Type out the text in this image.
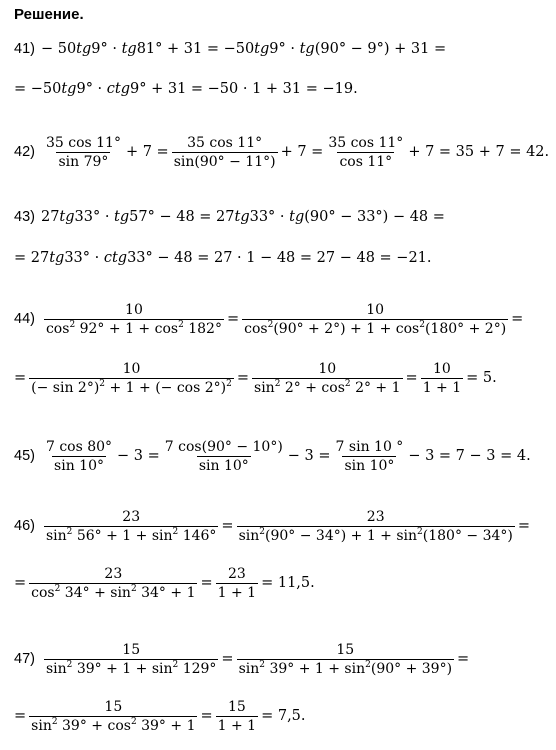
Решение.
41) − 50𝑡𝑔9° · 𝑡𝑔81° + 31 = −50𝑡𝑔9° · 𝑡𝑔(90° − 9°) + 31 =
= −50𝑡𝑔9° · 𝑐𝑡𝑔9° + 31 = −50 · 1 + 31 = −19.
$42) \frac{35 \cos 11^\circ}{\sin 79^\circ} + 7 = \frac{35 \cos 11^\circ}{\sin(90^\circ - 11^\circ)} + 7 = \frac{35 \cos 11^\circ}{\cos 11^\circ} + 7 = 35 + 7 = 42$.
43) 27𝑡𝑔33° · 𝑡𝑔57° − 48 = 27𝑡𝑔33° · 𝑡𝑔(90° − 33°) − 48 =
= 27𝑡𝑔33° · 𝑐𝑡𝑔33° − 48 = 27 · 1 − 48 = 27 − 48 = −21.
$44) \frac{10}{\cos^2 92^\circ + 1 + \cos^2 182^\circ} = \frac{10}{\cos^2(90^\circ + 2^\circ) + 1 + \cos^2(180^\circ + 2^\circ)}$ =
= $\frac{10}{(- \sin 2^\circ)^2 + 1 + (- \cos 2^\circ)^2} = \frac{10}{\sin^2 2^\circ + \cos^2 2^\circ + 1} = \frac{10}{1 + 1} = 5$.
$45) \frac{7 \cos 80^\circ}{\sin 10^\circ} - 3 = \frac{7 \cos(90^\circ - 10^\circ)}{\sin 10^\circ} - 3 = \frac{7 \sin 10 ^\circ}{\sin 10^\circ} - 3 = 7 - 3 = 4$.
$46) \frac{23}{\sin^2 56^\circ + 1 + \sin^2 146^\circ} = \frac{23}{\sin^2(90^\circ - 34^\circ) + 1 + \sin^2(180^\circ - 34^\circ)}$ =
= $\frac{23}{\cos^2 34^\circ + \sin^2 34^\circ + 1} = \frac{23}{1 + 1} = 11,5$.
$47) \frac{15}{\sin^2 39^\circ + 1 + \sin^2 129^\circ} = \frac{15}{\sin^2 39^\circ + 1 + \sin^2(90^\circ + 39^\circ)}$ =
= $\frac{15}{\sin^2 39^\circ + \cos^2 39^\circ + 1} = \frac{15}{1 + 1} = 7,5$.
